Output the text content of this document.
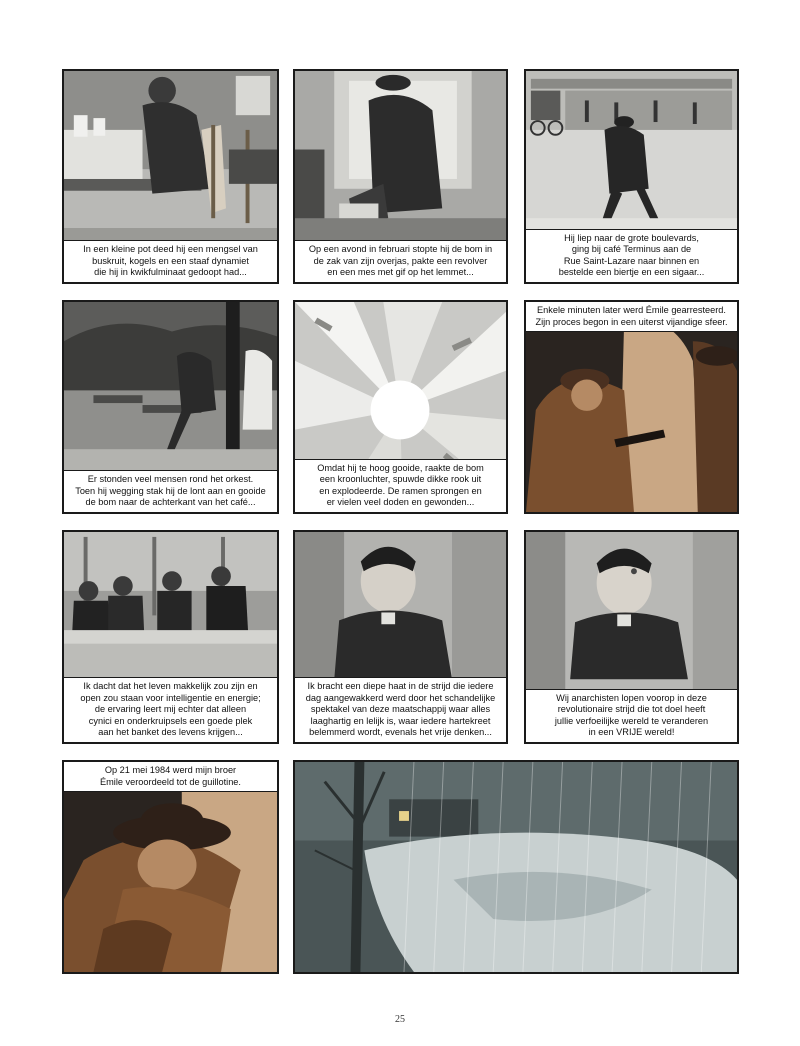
In een kleine pot deed hij een mengsel van
buskruit, kogels en een staaf dynamiet
die hij in kwikfulminaat gedoopt had...
Op een avond in februari stopte hij de bom in
de zak van zijn overjas, pakte een revolver
en een mes met gif op het lemmet...
Hij liep naar de grote boulevards,
ging bij café Terminus aan de
Rue Saint-Lazare naar binnen en
bestelde een biertje en een sigaar...
Er stonden veel mensen rond het orkest.
Toen hij wegging stak hij de lont aan en gooide
de bom naar de achterkant van het café...
Omdat hij te hoog gooide, raakte de bom
een kroonluchter, spuwde dikke rook uit
en explodeerde. De ramen sprongen en
er vielen veel doden en gewonden...
Enkele minuten later werd Émile gearresteerd.
Zijn proces begon in een uiterst vijandige sfeer.
Ik dacht dat het leven makkelijk zou zijn en
open zou staan voor intelligentie en energie;
de ervaring leert mij echter dat alleen
cynici en onderkruipsels een goede plek
aan het banket des levens krijgen...
Ik bracht een diepe haat in de strijd die iedere
dag aangewakkerd werd door het schandelijke
spektakel van deze maatschappij waar alles
laaghartig en lelijk is, waar iedere hartekreet
belemmerd wordt, evenals het vrije denken...
Wij anarchisten lopen voorop in deze
revolutionaire strijd die tot doel heeft
jullie verfoeilijke wereld te veranderen
in een VRIJE wereld!
Op 21 mei 1984 werd mijn broer
Émile veroordeeld tot de guillotine.
25
